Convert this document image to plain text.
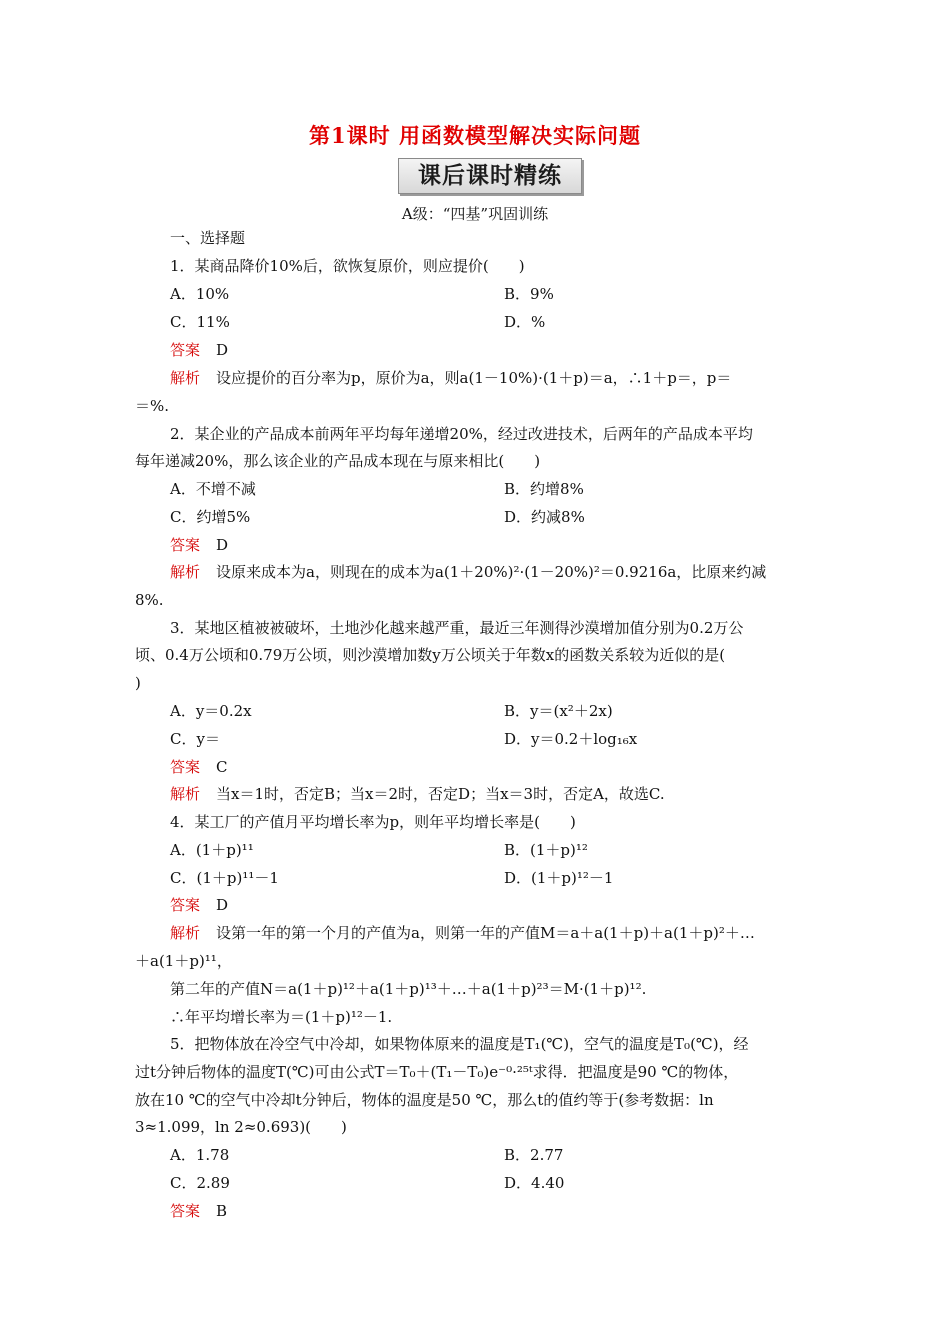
第1课时 用函数模型解决实际问题
课后课时精练
A级：“四基”巩固训练
一、选择题
1．某商品降价10%后，欲恢复原价，则应提价(　　)
A．10%	B．9%
C．11%	D．%
答案 D
解析 设应提价的百分率为p，原价为a，则a(1－10%)·(1＋p)＝a，∴1＋p＝，p＝
＝%.
2．某企业的产品成本前两年平均每年递增20%，经过改进技术，后两年的产品成本平均
每年递减20%，那么该企业的产品成本现在与原来相比(　　)
A．不增不减	B．约增8%
C．约增5%	D．约减8%
答案 D
解析 设原来成本为a，则现在的成本为a(1＋20%)²·(1－20%)²＝0.9216a，比原来约减
8%.
3．某地区植被被破坏，土地沙化越来越严重，最近三年测得沙漠增加值分别为0.2万公
顷、0.4万公顷和0.79万公顷，则沙漠增加数y万公顷关于年数x的函数关系较为近似的是(
)
A．y＝0.2x	B．y＝(x²＋2x)
C．y＝	D．y＝0.2＋log₁₆x
答案 C
解析 当x＝1时，否定B；当x＝2时，否定D；当x＝3时，否定A，故选C.
4．某工厂的产值月平均增长率为p，则年平均增长率是(　　)
A．(1＋p)¹¹	B．(1＋p)¹²
C．(1＋p)¹¹－1	D．(1＋p)¹²－1
答案 D
解析 设第一年的第一个月的产值为a，则第一年的产值M＝a＋a(1＋p)＋a(1＋p)²＋…
＋a(1＋p)¹¹，
第二年的产值N＝a(1＋p)¹²＋a(1＋p)¹³＋…＋a(1＋p)²³＝M·(1＋p)¹².
∴年平均增长率为＝(1＋p)¹²－1.
5．把物体放在冷空气中冷却，如果物体原来的温度是T₁(℃)，空气的温度是T₀(℃)，经
过t分钟后物体的温度T(℃)可由公式T＝T₀＋(T₁－T₀)e⁻⁰·²⁵ᵗ求得．把温度是90 ℃的物体，
放在10 ℃的空气中冷却t分钟后，物体的温度是50 ℃，那么t的值约等于(参考数据：ln
3≈1.099，ln 2≈0.693)(　　)
A．1.78	B．2.77
C．2.89	D．4.40
答案 B
